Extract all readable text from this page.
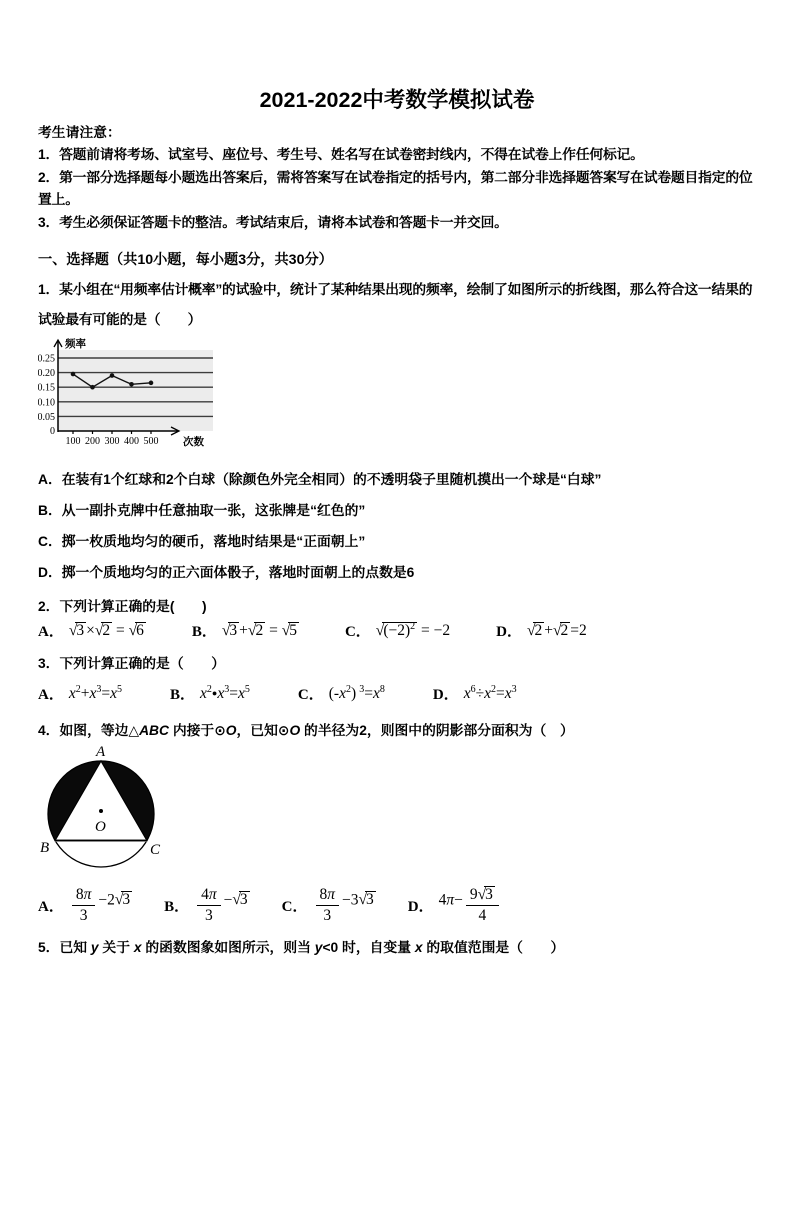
2021-2022中考数学模拟试卷

考生请注意：

1．答题前请将考场、试室号、座位号、考生号、姓名写在试卷密封线内，不得在试卷上作任何标记。

2．第一部分选择题每小题选出答案后，需将答案写在试卷指定的括号内，第二部分非选择题答案写在试卷题目指定的位置上。

3．考生必须保证答题卡的整洁。考试结束后，请将本试卷和答题卡一并交回。

一、选择题（共10小题，每小题3分，共30分）

1．某小组在“用频率估计概率”的试验中，统计了某种结果出现的频率，绘制了如图所示的折线图，那么符合这一结果的试验最有可能的是（　　）

0
0.05
0.10
0.15
0.20
0.25
100 200 300 400 500
频率
次数

A．在装有1个红球和2个白球（除颜色外完全相同）的不透明袋子里随机摸出一个球是“白球”

B．从一副扑克牌中任意抽取一张，这张牌是“红色的”

C．掷一枚质地均匀的硬币，落地时结果是“正面朝上”

D．掷一个质地均匀的正六面体骰子，落地时面朝上的点数是6

2．下列计算正确的是(　　)

A． √3 ×√2 = √6	B． √3 +√2 = √5	C． $√(-2)^2 = -2$	D． √2 +√2 =2

3．下列计算正确的是（　　）

A． $x^2+x^3=x^5$	B． $x^2●x^3=x^5$	C． $(-x^2)$ $^3=x^8$	D． $x^6\div x^2=x^3$

4．如图，等边△ABC 内接于⊙O，已知⊙O 的半径为2，则图中的阴影部分面积为（　）

A
B	C
O
A． $\frac{8\pi}{3} -2√3$ B． $\frac{4\pi}{3} -√3$ C． $\frac{8\pi}{3} -3√3$ D． $4\pi- \frac{9√3}{4}$

5．已知 y 关于 x 的函数图象如图所示，则当 y<0 时，自变量 x 的取值范围是（　　）
